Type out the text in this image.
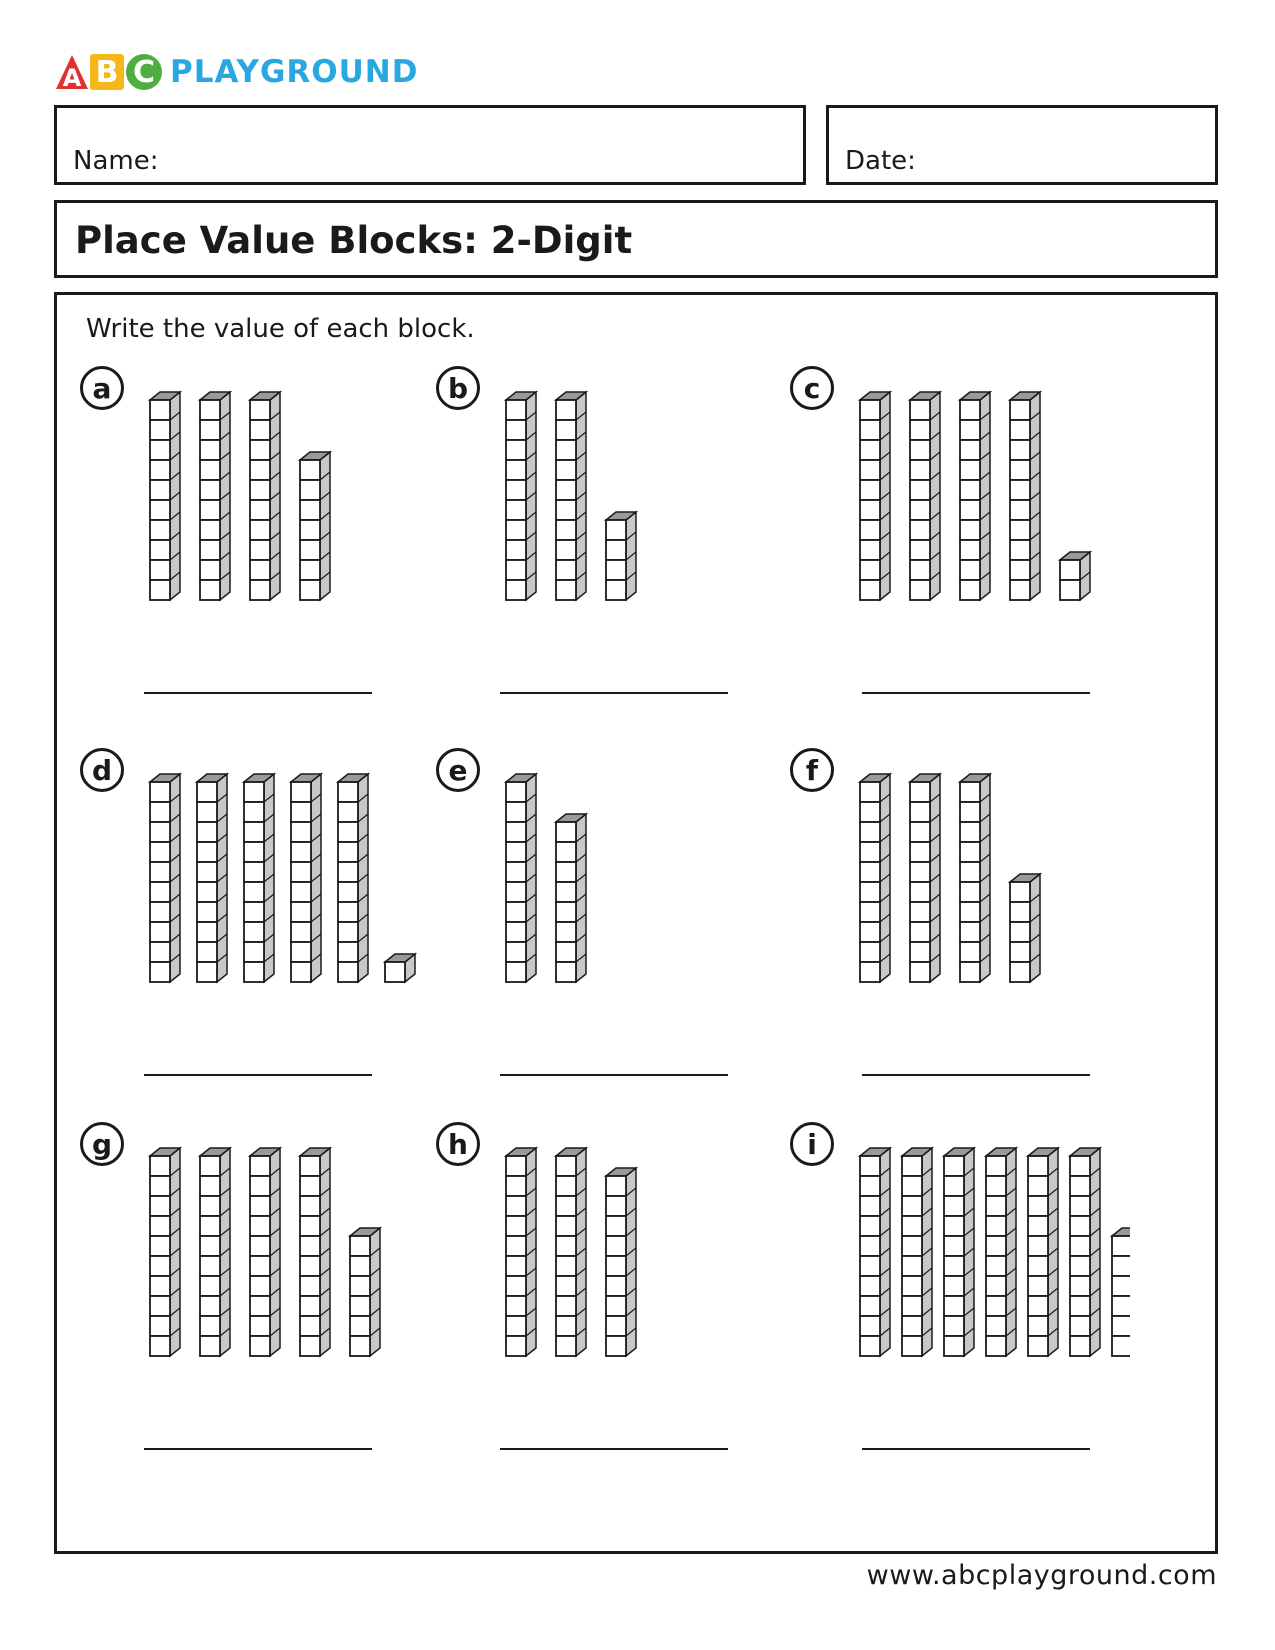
A B C PLAYGROUND
Name:	Date:
Place Value Blocks: 2-Digit
Write the value of each block.
a	b	c
d	e	f
g	h	i
www.abcplayground.com
